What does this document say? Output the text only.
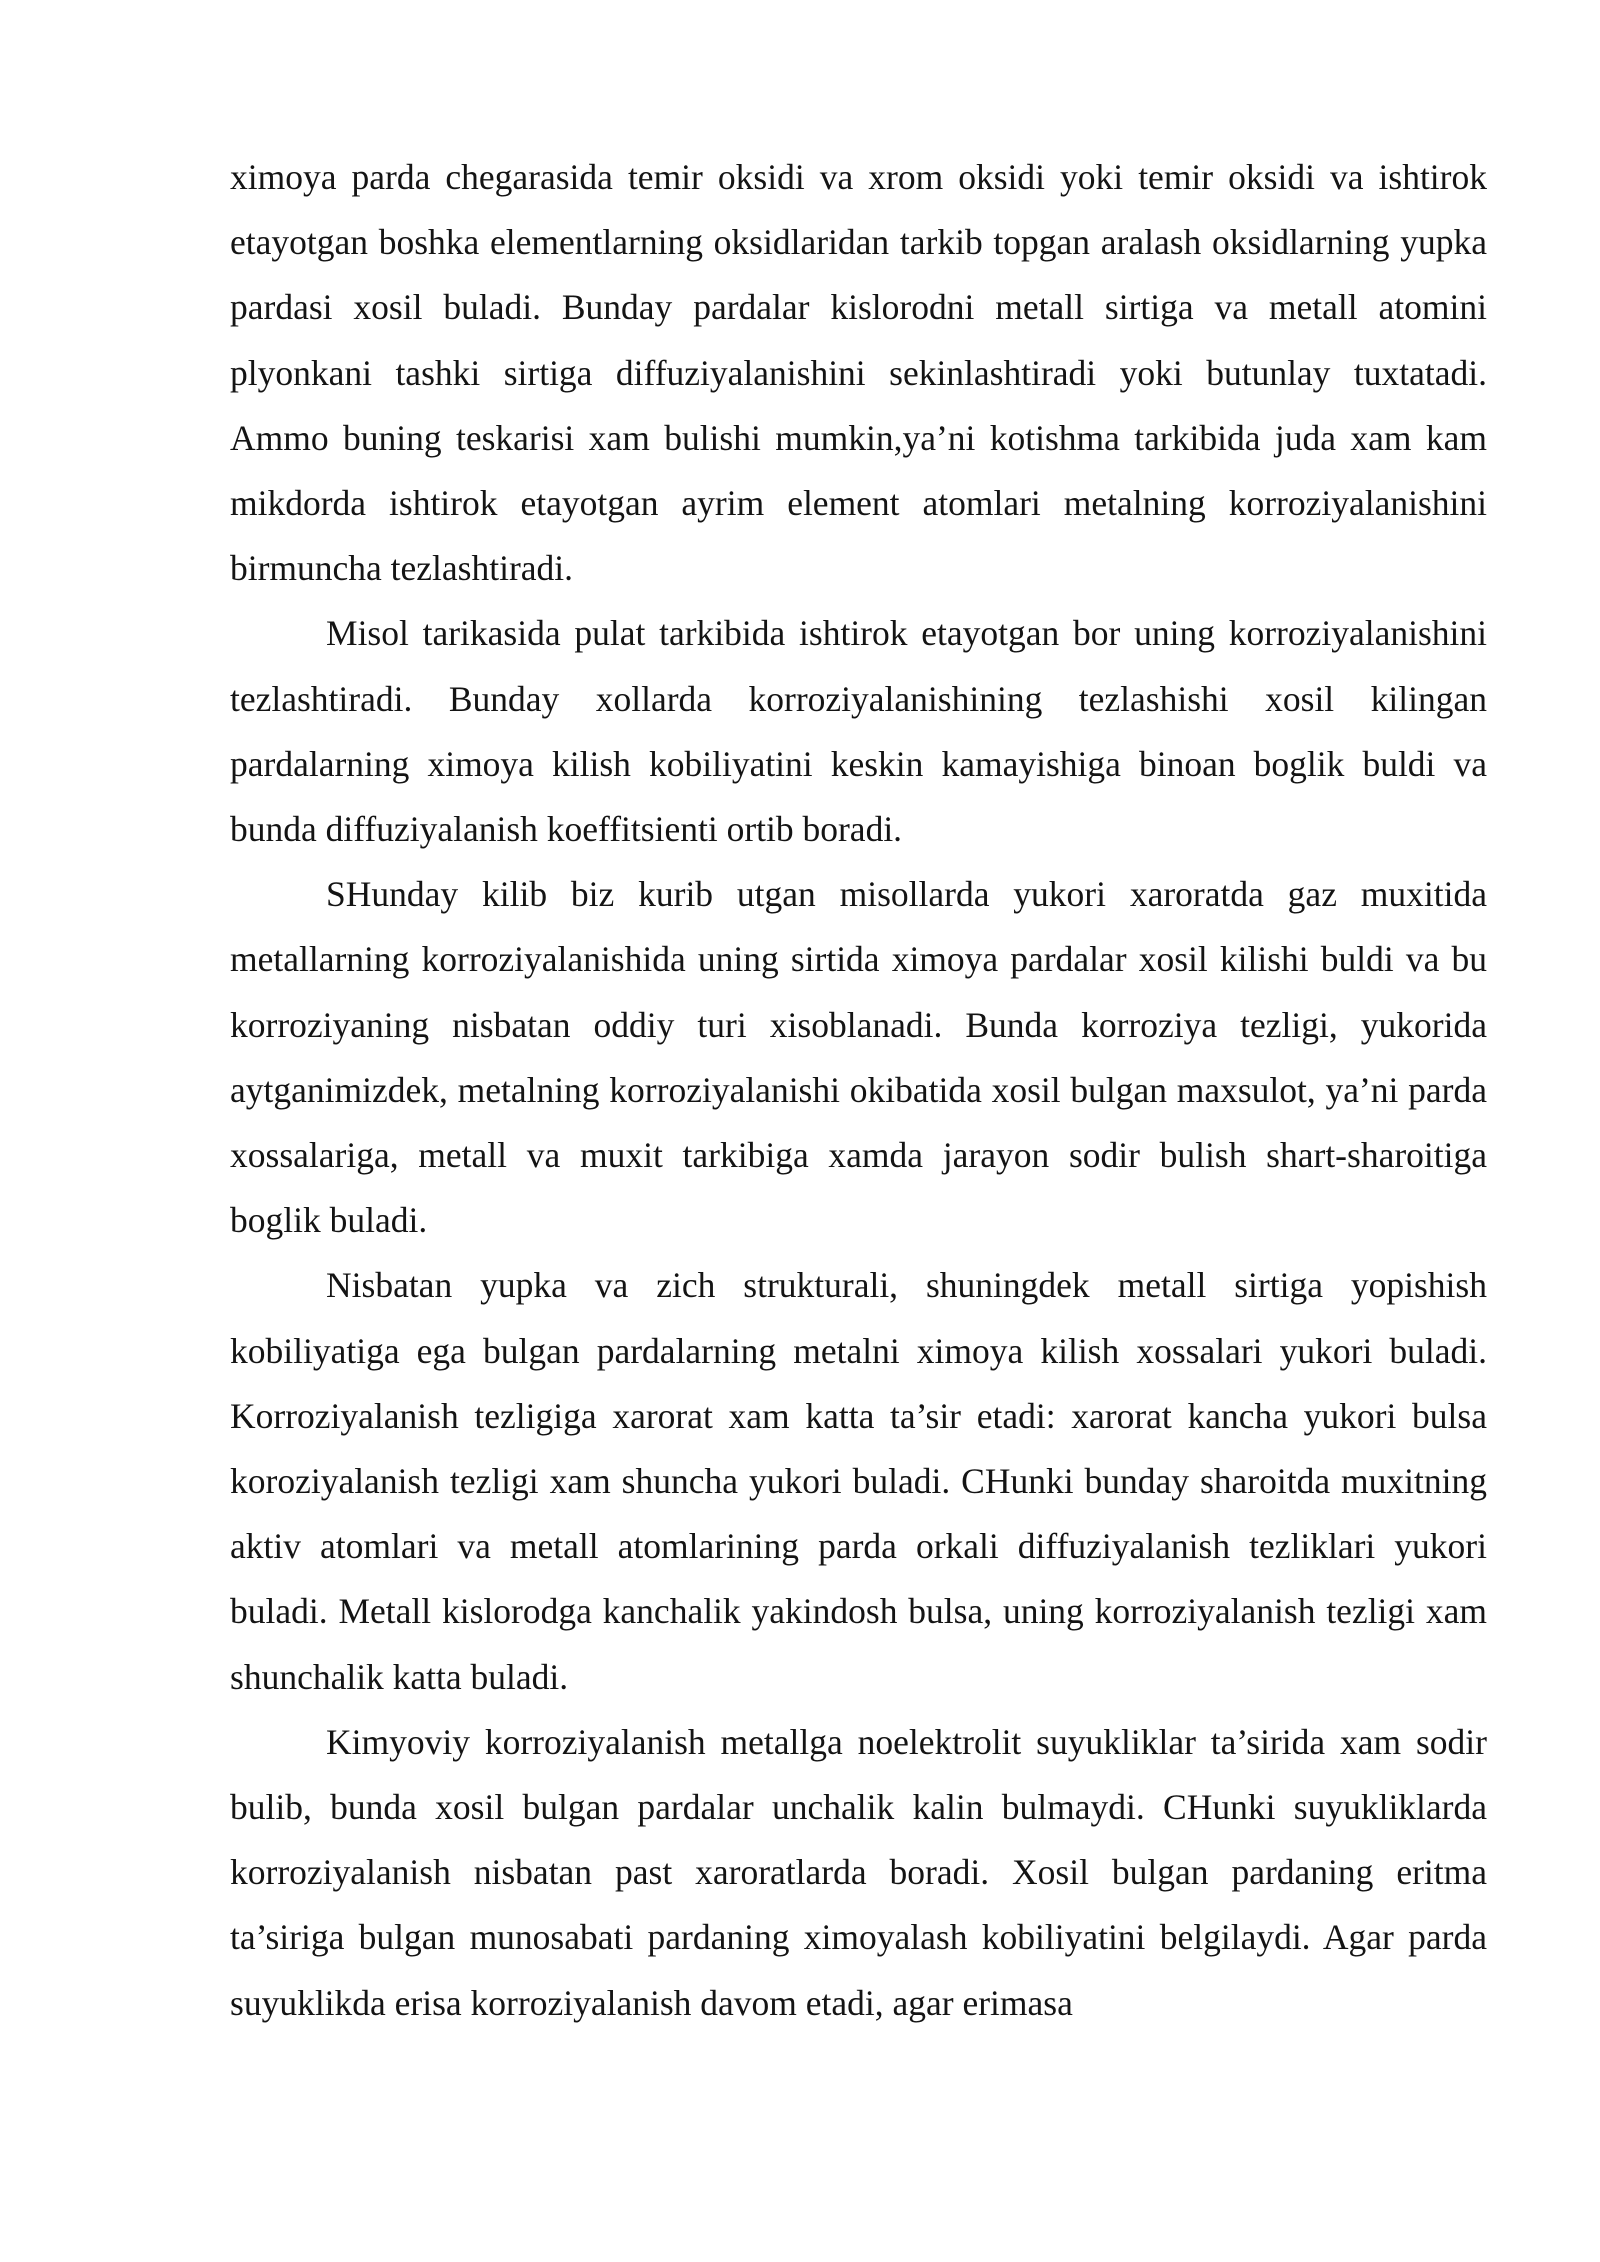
ximoya parda chegarasida temir oksidi va xrom oksidi yoki temir oksidi va ishtirok etayotgan boshka elementlarning oksidlaridan tarkib topgan aralash oksidlarning yupka pardasi xosil buladi. Bunday pardalar kislorodni metall sirtiga va metall atomini plyonkani tashki sirtiga diffuziyalanishini sekinlashtiradi yoki butunlay tuxtatadi. Ammo buning teskarisi xam bulishi mumkin,ya’ni kotishma tarkibida juda xam kam mikdorda ishtirok etayotgan ayrim element atomlari metalning korroziyalanishini birmuncha tezlashtiradi.

Misol tarikasida pulat tarkibida ishtirok etayotgan bor uning korroziyalanishini tezlashtiradi. Bunday xollarda korroziyalanishining tezlashishi xosil kilingan pardalarning ximoya kilish kobiliyatini keskin kamayishiga binoan boglik buldi va bunda diffuziyalanish koeffitsienti ortib boradi.

SHunday kilib biz kurib utgan misollarda yukori xaroratda gaz muxitida metallarning korroziyalanishida uning sirtida ximoya pardalar xosil kilishi buldi va bu korroziyaning nisbatan oddiy turi xisoblanadi. Bunda korroziya tezligi, yukorida aytganimizdek, metalning korroziyalanishi okibatida xosil bulgan maxsulot, ya’ni parda xossalariga, metall va muxit tarkibiga xamda jarayon sodir bulish shart-sharoitiga boglik buladi.

Nisbatan yupka va zich strukturali, shuningdek metall sirtiga yopishish kobiliyatiga ega bulgan pardalarning metalni ximoya kilish xossalari yukori buladi. Korroziyalanish tezligiga xarorat xam katta ta’sir etadi: xarorat kancha yukori bulsa koroziyalanish tezligi xam shuncha yukori buladi. CHunki bunday sharoitda muxitning aktiv atomlari va metall atomlarining parda orkali diffuziyalanish tezliklari yukori buladi. Metall kislorodga kanchalik yakindosh bulsa, uning korroziyalanish tezligi xam shunchalik katta buladi.

Kimyoviy korroziyalanish metallga noelektrolit suyukliklar ta’sirida xam sodir bulib, bunda xosil bulgan pardalar unchalik kalin bulmaydi. CHunki suyukliklarda korroziyalanish nisbatan past xaroratlarda boradi. Xosil bulgan pardaning eritma ta’siriga bulgan munosabati pardaning ximoyalash kobiliyatini belgilaydi. Agar parda suyuklikda erisa korroziyalanish davom etadi, agar erimasa
